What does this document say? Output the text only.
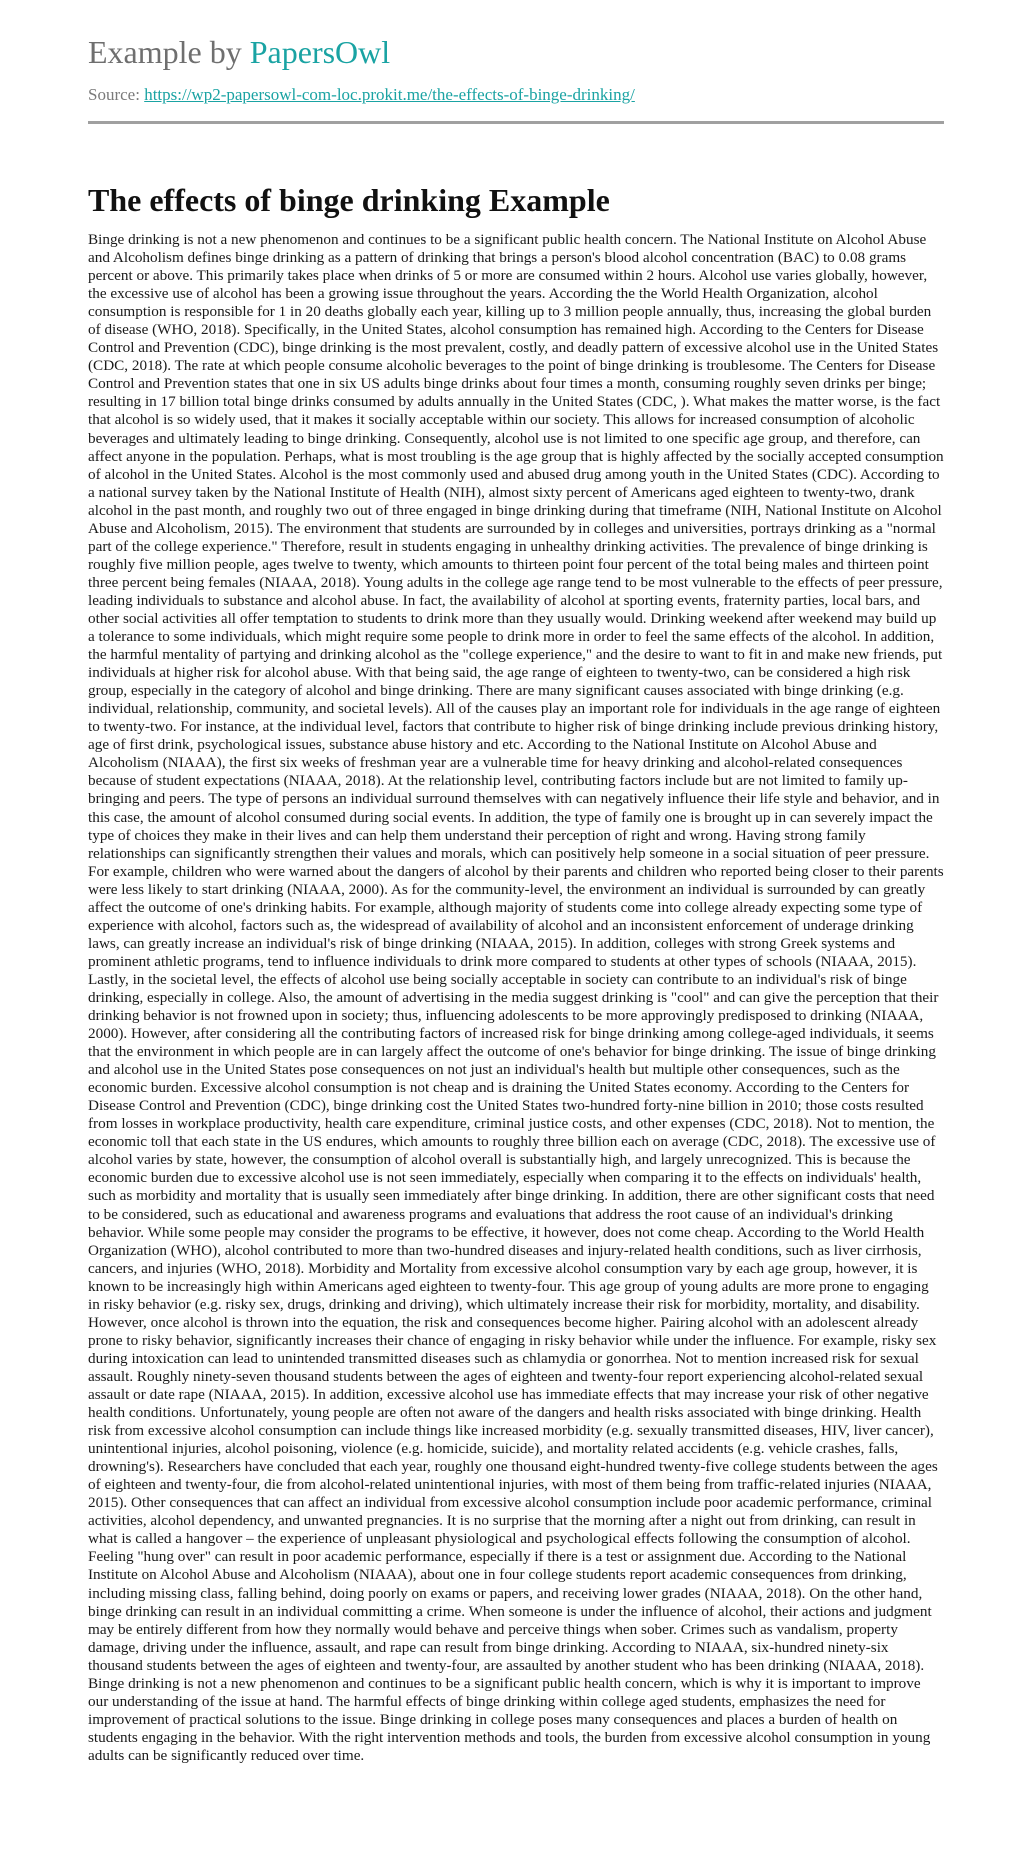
Example by PapersOwl
Source: https://wp2-papersowl-com-loc.prokit.me/the-effects-of-binge-drinking/
The effects of binge drinking Example

Binge drinking is not a new phenomenon and continues to be a significant public health concern. The National Institute on Alcohol Abuse and Alcoholism defines binge drinking as a pattern of drinking that brings a person's blood alcohol concentration (BAC) to 0.08 grams percent or above. This primarily takes place when drinks of 5 or more are consumed within 2 hours. Alcohol use varies globally, however, the excessive use of alcohol has been a growing issue throughout the years. According the the World Health Organization, alcohol consumption is responsible for 1 in 20 deaths globally each year, killing up to 3 million people annually, thus, increasing the global burden of disease (WHO, 2018). Specifically, in the United States, alcohol consumption has remained high. According to the Centers for Disease Control and Prevention (CDC), binge drinking is the most prevalent, costly, and deadly pattern of excessive alcohol use in the United States (CDC, 2018). The rate at which people consume alcoholic beverages to the point of binge drinking is troublesome. The Centers for Disease Control and Prevention states that one in six US adults binge drinks about four times a month, consuming roughly seven drinks per binge; resulting in 17 billion total binge drinks consumed by adults annually in the United States (CDC, ). What makes the matter worse, is the fact that alcohol is so widely used, that it makes it socially acceptable within our society. This allows for increased consumption of alcoholic beverages and ultimately leading to binge drinking. Consequently, alcohol use is not limited to one specific age group, and therefore, can affect anyone in the population. Perhaps, what is most troubling is the age group that is highly affected by the socially accepted consumption of alcohol in the United States. Alcohol is the most commonly used and abused drug among youth in the United States (CDC). According to a national survey taken by the National Institute of Health (NIH), almost sixty percent of Americans aged eighteen to twenty-two, drank alcohol in the past month, and roughly two out of three engaged in binge drinking during that timeframe (NIH, National Institute on Alcohol Abuse and Alcoholism, 2015). The environment that students are surrounded by in colleges and universities, portrays drinking as a "normal part of the college experience." Therefore, result in students engaging in unhealthy drinking activities. The prevalence of binge drinking is roughly five million people, ages twelve to twenty, which amounts to thirteen point four percent of the total being males and thirteen point three percent being females (NIAAA, 2018). Young adults in the college age range tend to be most vulnerable to the effects of peer pressure, leading individuals to substance and alcohol abuse. In fact, the availability of alcohol at sporting events, fraternity parties, local bars, and other social activities all offer temptation to students to drink more than they usually would. Drinking weekend after weekend may build up a tolerance to some individuals, which might require some people to drink more in order to feel the same effects of the alcohol. In addition, the harmful mentality of partying and drinking alcohol as the "college experience," and the desire to want to fit in and make new friends, put individuals at higher risk for alcohol abuse. With that being said, the age range of eighteen to twenty-two, can be considered a high risk group, especially in the category of alcohol and binge drinking. There are many significant causes associated with binge drinking (e.g. individual, relationship, community, and societal levels). All of the causes play an important role for individuals in the age range of eighteen to twenty-two. For instance, at the individual level, factors that contribute to higher risk of binge drinking include previous drinking history, age of first drink, psychological issues, substance abuse history and etc. According to the National Institute on Alcohol Abuse and Alcoholism (NIAAA), the first six weeks of freshman year are a vulnerable time for heavy drinking and alcohol-related consequences because of student expectations (NIAAA, 2018). At the relationship level, contributing factors include but are not limited to family up-bringing and peers. The type of persons an individual surround themselves with can negatively influence their life style and behavior, and in this case, the amount of alcohol consumed during social events. In addition, the type of family one is brought up in can severely impact the type of choices they make in their lives and can help them understand their perception of right and wrong. Having strong family relationships can significantly strengthen their values and morals, which can positively help someone in a social situation of peer pressure. For example, children who were warned about the dangers of alcohol by their parents and children who reported being closer to their parents were less likely to start drinking (NIAAA, 2000). As for the community-level, the environment an individual is surrounded by can greatly affect the outcome of one's drinking habits. For example, although majority of students come into college already expecting some type of experience with alcohol, factors such as, the widespread of availability of alcohol and an inconsistent enforcement of underage drinking laws, can greatly increase an individual's risk of binge drinking (NIAAA, 2015). In addition, colleges with strong Greek systems and prominent athletic programs, tend to influence individuals to drink more compared to students at other types of schools (NIAAA, 2015). Lastly, in the societal level, the effects of alcohol use being socially acceptable in society can contribute to an individual's risk of binge drinking, especially in college. Also, the amount of advertising in the media suggest drinking is "cool" and can give the perception that their drinking behavior is not frowned upon in society; thus, influencing adolescents to be more approvingly predisposed to drinking (NIAAA, 2000). However, after considering all the contributing factors of increased risk for binge drinking among college-aged individuals, it seems that the environment in which people are in can largely affect the outcome of one's behavior for binge drinking. The issue of binge drinking and alcohol use in the United States pose consequences on not just an individual's health but multiple other consequences, such as the economic burden. Excessive alcohol consumption is not cheap and is draining the United States economy. According to the Centers for Disease Control and Prevention (CDC), binge drinking cost the United States two-hundred forty-nine billion in 2010; those costs resulted from losses in workplace productivity, health care expenditure, criminal justice costs, and other expenses (CDC, 2018). Not to mention, the economic toll that each state in the US endures, which amounts to roughly three billion each on average (CDC, 2018). The excessive use of alcohol varies by state, however, the consumption of alcohol overall is substantially high, and largely unrecognized. This is because the economic burden due to excessive alcohol use is not seen immediately, especially when comparing it to the effects on individuals' health, such as morbidity and mortality that is usually seen immediately after binge drinking. In addition, there are other significant costs that need to be considered, such as educational and awareness programs and evaluations that address the root cause of an individual's drinking behavior. While some people may consider the programs to be effective, it however, does not come cheap. According to the World Health Organization (WHO), alcohol contributed to more than two-hundred diseases and injury-related health conditions, such as liver cirrhosis, cancers, and injuries (WHO, 2018). Morbidity and Mortality from excessive alcohol consumption vary by each age group, however, it is known to be increasingly high within Americans aged eighteen to twenty-four. This age group of young adults are more prone to engaging in risky behavior (e.g. risky sex, drugs, drinking and driving), which ultimately increase their risk for morbidity, mortality, and disability. However, once alcohol is thrown into the equation, the risk and consequences become higher. Pairing alcohol with an adolescent already prone to risky behavior, significantly increases their chance of engaging in risky behavior while under the influence. For example, risky sex during intoxication can lead to unintended transmitted diseases such as chlamydia or gonorrhea. Not to mention increased risk for sexual assault. Roughly ninety-seven thousand students between the ages of eighteen and twenty-four report experiencing alcohol-related sexual assault or date rape (NIAAA, 2015). In addition, excessive alcohol use has immediate effects that may increase your risk of other negative health conditions. Unfortunately, young people are often not aware of the dangers and health risks associated with binge drinking. Health risk from excessive alcohol consumption can include things like increased morbidity (e.g. sexually transmitted diseases, HIV, liver cancer), unintentional injuries, alcohol poisoning, violence (e.g. homicide, suicide), and mortality related accidents (e.g. vehicle crashes, falls, drowning's). Researchers have concluded that each year, roughly one thousand eight-hundred twenty-five college students between the ages of eighteen and twenty-four, die from alcohol-related unintentional injuries, with most of them being from traffic-related injuries (NIAAA, 2015). Other consequences that can affect an individual from excessive alcohol consumption include poor academic performance, criminal activities, alcohol dependency, and unwanted pregnancies. It is no surprise that the morning after a night out from drinking, can result in what is called a hangover – the experience of unpleasant physiological and psychological effects following the consumption of alcohol. Feeling "hung over" can result in poor academic performance, especially if there is a test or assignment due. According to the National Institute on Alcohol Abuse and Alcoholism (NIAAA), about one in four college students report academic consequences from drinking, including missing class, falling behind, doing poorly on exams or papers, and receiving lower grades (NIAAA, 2018). On the other hand, binge drinking can result in an individual committing a crime. When someone is under the influence of alcohol, their actions and judgment may be entirely different from how they normally would behave and perceive things when sober. Crimes such as vandalism, property damage, driving under the influence, assault, and rape can result from binge drinking. According to NIAAA, six-hundred ninety-six thousand students between the ages of eighteen and twenty-four, are assaulted by another student who has been drinking (NIAAA, 2018). Binge drinking is not a new phenomenon and continues to be a significant public health concern, which is why it is important to improve our understanding of the issue at hand. The harmful effects of binge drinking within college aged students, emphasizes the need for improvement of practical solutions to the issue. Binge drinking in college poses many consequences and places a burden of health on students engaging in the behavior. With the right intervention methods and tools, the burden from excessive alcohol consumption in young adults can be significantly reduced over time.
